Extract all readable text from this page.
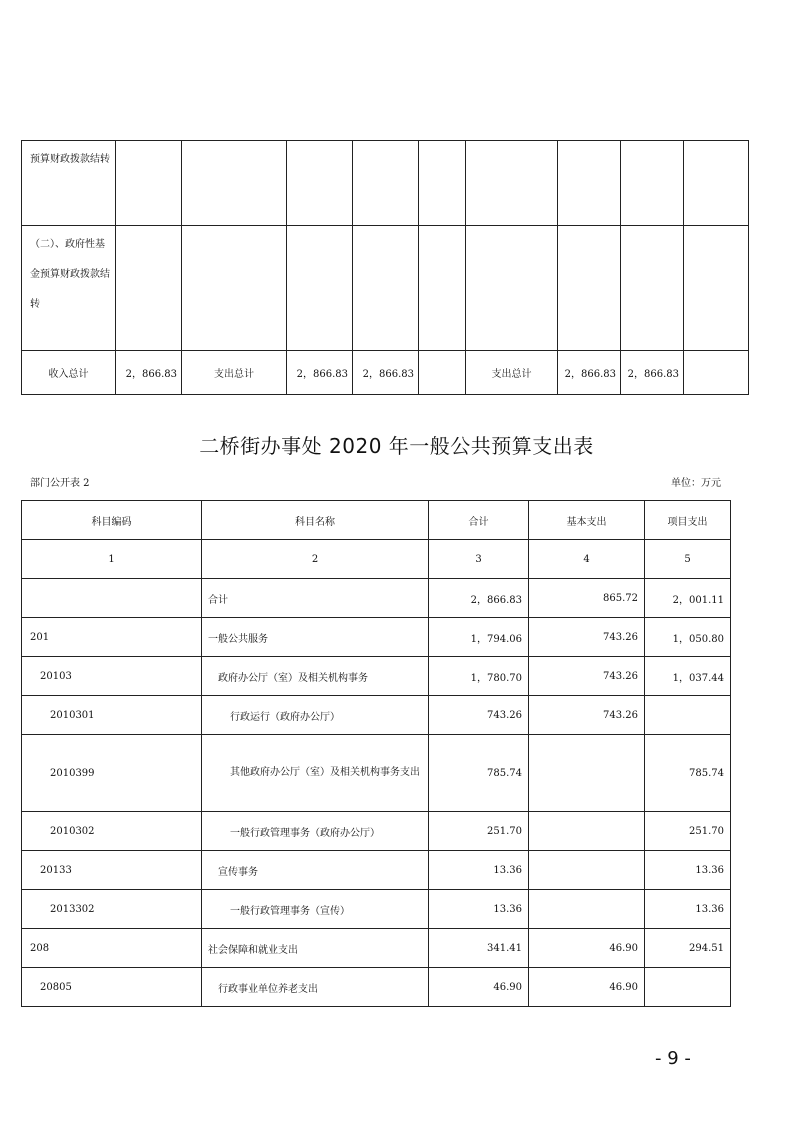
预算财政拨款结转									
（二）、政府性基金预算财政拨款结转									
收入总计	2，866.83	支出总计	2，866.83	2，866.83		支出总计	2，866.83	2，866.83	
二桥街办事处 2020 年一般公共预算支出表
部门公开表 2	单位：万元
科目编码	科目名称	合计	基本支出	项目支出
1	2	3	4	5
	合计	2，866.83	865.72	2，001.11
201	一般公共服务	1，794.06	743.26	1，050.80
20103	政府办公厅（室）及相关机构事务	1，780.70	743.26	1，037.44
2010301	行政运行（政府办公厅）	743.26	743.26	
2010399	其他政府办公厅（室）及相关机构事务支出	785.74		785.74
2010302	一般行政管理事务（政府办公厅）	251.70		251.70
20133	宣传事务	13.36		13.36
2013302	一般行政管理事务（宣传）	13.36		13.36
208	社会保障和就业支出	341.41	46.90	294.51
20805	行政事业单位养老支出	46.90	46.90	
- 9 -
